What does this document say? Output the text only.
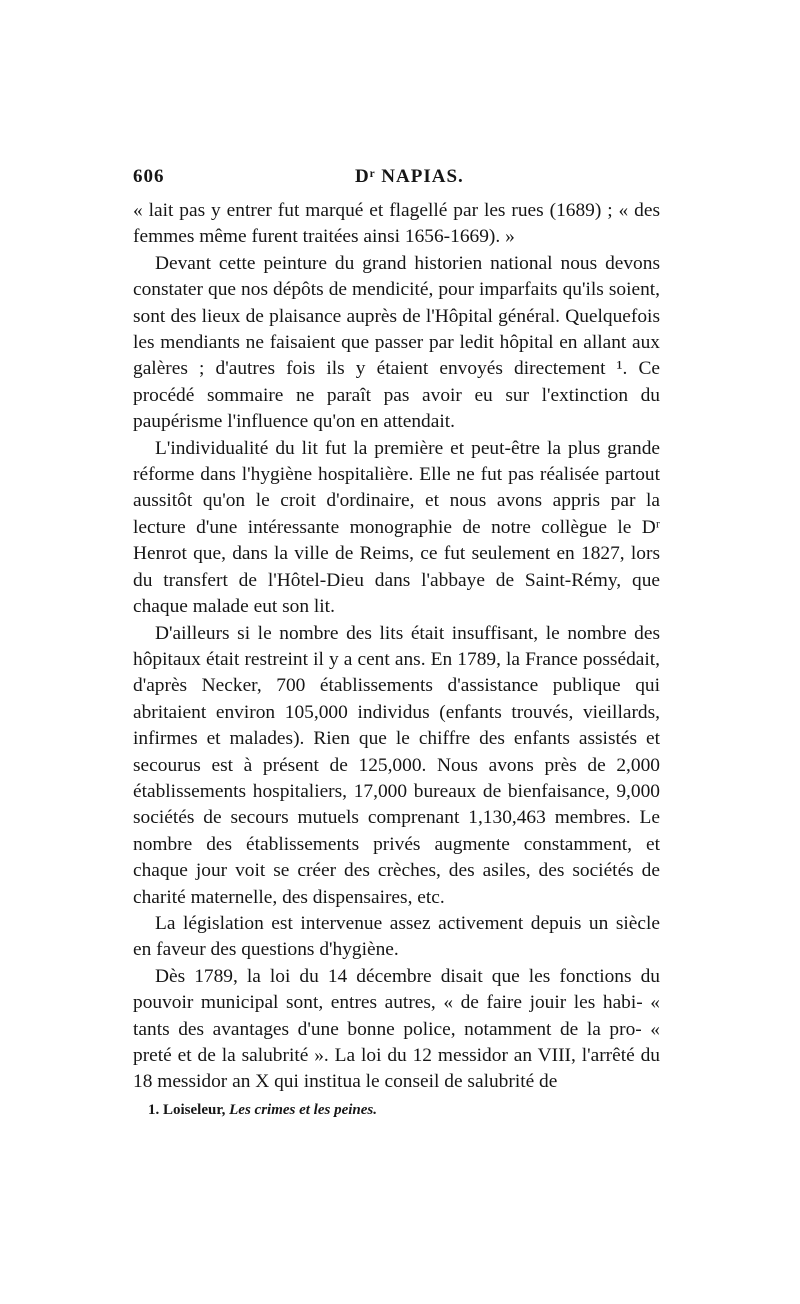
606	Dʳ NAPIAS.

« lait pas y entrer fut marqué et flagellé par les rues (1689) ; « des femmes même furent traitées ainsi 1656-1669). »

Devant cette peinture du grand historien national nous devons constater que nos dépôts de mendicité, pour imparfaits qu'ils soient, sont des lieux de plaisance auprès de l'Hôpital général. Quelquefois les mendiants ne faisaient que passer par ledit hôpital en allant aux galères ; d'autres fois ils y étaient envoyés directement ¹. Ce procédé sommaire ne paraît pas avoir eu sur l'extinction du paupérisme l'influence qu'on en attendait.

L'individualité du lit fut la première et peut-être la plus grande réforme dans l'hygiène hospitalière. Elle ne fut pas réalisée partout aussitôt qu'on le croit d'ordinaire, et nous avons appris par la lecture d'une intéressante monographie de notre collègue le Dʳ Henrot que, dans la ville de Reims, ce fut seulement en 1827, lors du transfert de l'Hôtel-Dieu dans l'abbaye de Saint-Rémy, que chaque malade eut son lit.

D'ailleurs si le nombre des lits était insuffisant, le nombre des hôpitaux était restreint il y a cent ans. En 1789, la France possédait, d'après Necker, 700 établissements d'assistance publique qui abritaient environ 105,000 individus (enfants trouvés, vieillards, infirmes et malades). Rien que le chiffre des enfants assistés et secourus est à présent de 125,000. Nous avons près de 2,000 établissements hospitaliers, 17,000 bureaux de bienfaisance, 9,000 sociétés de secours mutuels comprenant 1,130,463 membres. Le nombre des établissements privés augmente constamment, et chaque jour voit se créer des crèches, des asiles, des sociétés de charité maternelle, des dispensaires, etc.

La législation est intervenue assez activement depuis un siècle en faveur des questions d'hygiène.

Dès 1789, la loi du 14 décembre disait que les fonctions du pouvoir municipal sont, entres autres, « de faire jouir les habi- « tants des avantages d'une bonne police, notamment de la pro- « preté et de la salubrité ». La loi du 12 messidor an VIII, l'arrêté du 18 messidor an X qui institua le conseil de salubrité de

1. Loiseleur, Les crimes et les peines.
